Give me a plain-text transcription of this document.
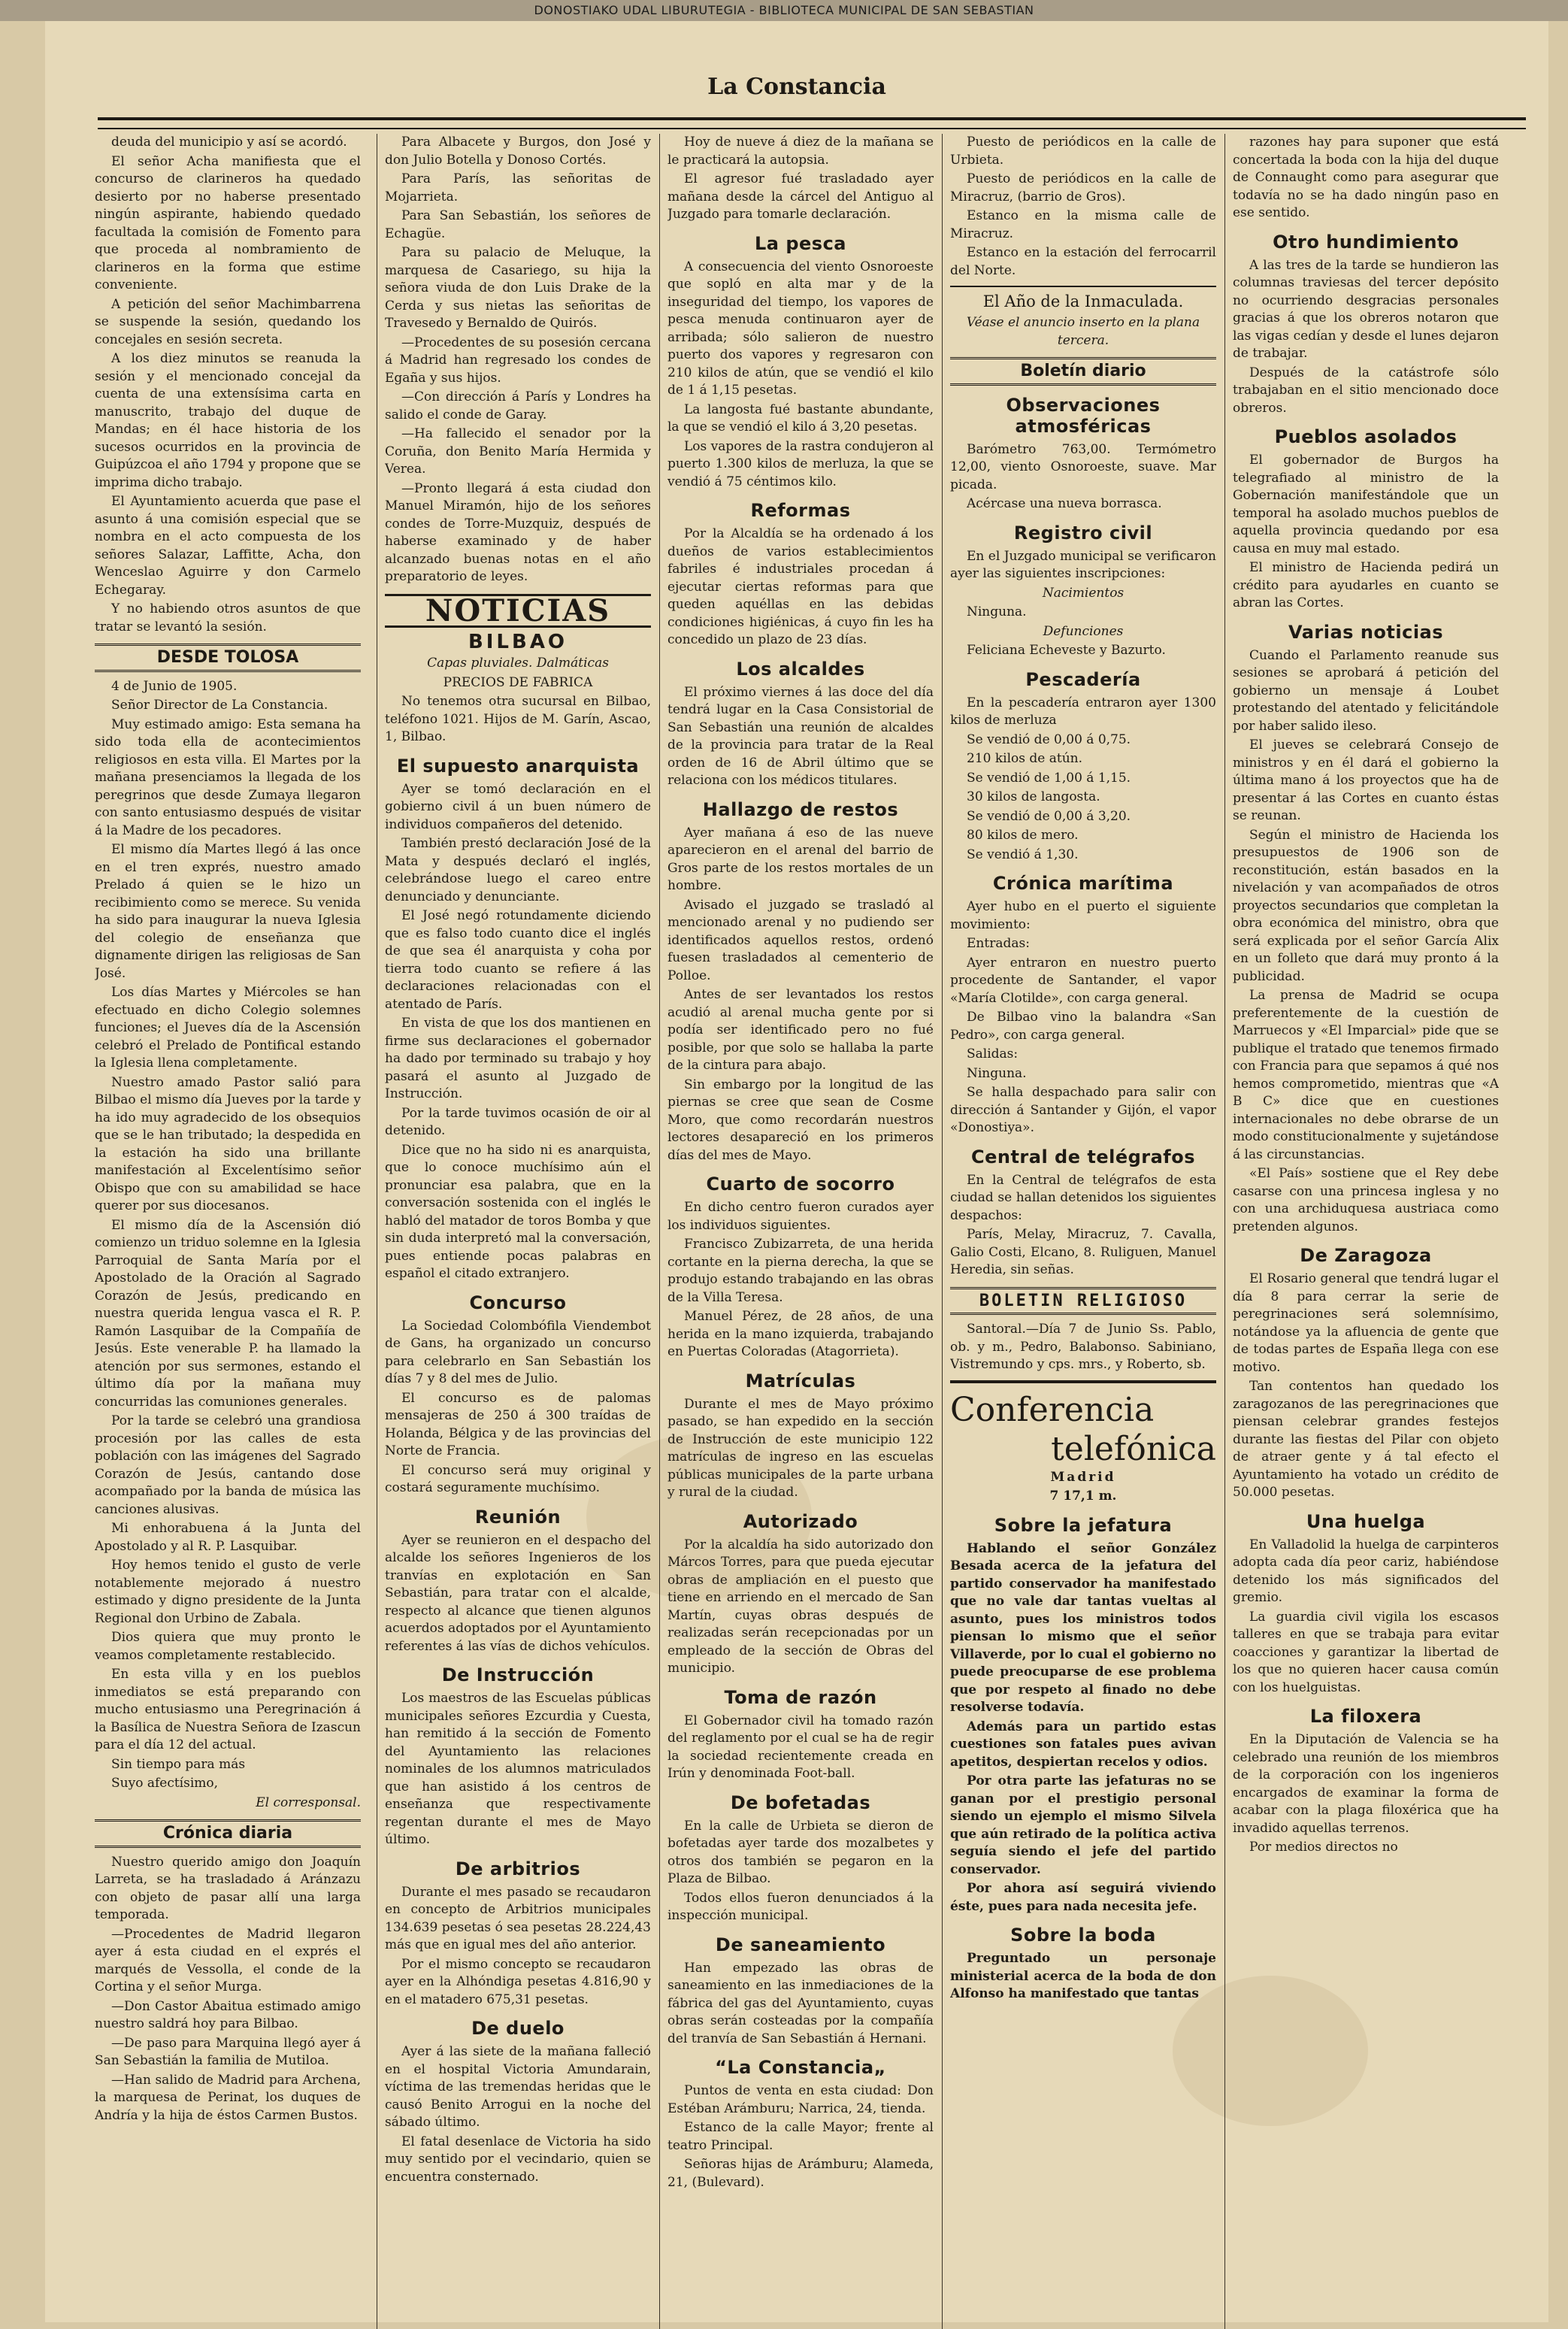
DONOSTIAKO UDAL LIBURUTEGIA - BIBLIOTECA MUNICIPAL DE SAN SEBASTIAN
La Constancia

deuda del municipio y así se acordó.

El señor Acha manifiesta que el concurso de clarineros ha quedado desierto por no haberse presentado ningún aspirante, habiendo quedado facultada la comisión de Fomento para que proceda al nombramiento de clarineros en la forma que estime conveniente.

A petición del señor Machimbarrena se suspende la sesión, quedando los concejales en sesión secreta.

A los diez minutos se reanuda la sesión y el mencionado concejal da cuenta de una extensísima carta en manuscrito, trabajo del duque de Mandas; en él hace historia de los sucesos ocurridos en la provincia de Guipúzcoa el año 1794 y propone que se imprima dicho trabajo.

El Ayuntamiento acuerda que pase el asunto á una comisión especial que se nombra en el acto compuesta de los señores Salazar, Laffitte, Acha, don Wenceslao Aguirre y don Carmelo Echegaray.

Y no habiendo otros asuntos de que tratar se levantó la sesión.

DESDE TOLOSA

4 de Junio de 1905.

Señor Director de La Constancia.

Muy estimado amigo: Esta semana ha sido toda ella de acontecimientos religiosos en esta villa. El Martes por la mañana presenciamos la llegada de los peregrinos que desde Zumaya llegaron con santo entusiasmo después de visitar á la Madre de los pecadores.

El mismo día Martes llegó á las once en el tren exprés, nuestro amado Prelado á quien se le hizo un recibimiento como se merece. Su venida ha sido para inaugurar la nueva Iglesia del colegio de enseñanza que dignamente dirigen las religiosas de San José.

Los días Martes y Miércoles se han efectuado en dicho Colegio solemnes funciones; el Jueves día de la Ascensión celebró el Prelado de Pontifical estando la Iglesia llena completamente.

Nuestro amado Pastor salió para Bilbao el mismo día Jueves por la tarde y ha ido muy agradecido de los obsequios que se le han tributado; la despedida en la estación ha sido una brillante manifestación al Excelentísimo señor Obispo que con su amabilidad se hace querer por sus diocesanos.

El mismo día de la Ascensión dió comienzo un triduo solemne en la Iglesia Parroquial de Santa María por el Apostolado de la Oración al Sagrado Corazón de Jesús, predicando en nuestra querida lengua vasca el R. P. Ramón Lasquibar de la Compañía de Jesús. Este venerable P. ha llamado la atención por sus sermones, estando el último día por la mañana muy concurridas las comuniones generales.

Por la tarde se celebró una grandiosa procesión por las calles de esta población con las imágenes del Sagrado Corazón de Jesús, cantando dose acompañado por la banda de música las canciones alusivas.

Mi enhorabuena á la Junta del Apostolado y al R. P. Lasquibar.

Hoy hemos tenido el gusto de verle notablemente mejorado á nuestro estimado y digno presidente de la Junta Regional don Urbino de Zabala.

Dios quiera que muy pronto le veamos completamente restablecido.

En esta villa y en los pueblos inmediatos se está preparando con mucho entusiasmo una Peregrinación á la Basílica de Nuestra Señora de Izascun para el día 12 del actual.

Sin tiempo para más

Suyo afectísimo,

El corresponsal.

Crónica diaria

Nuestro querido amigo don Joaquín Larreta, se ha trasladado á Aránzazu con objeto de pasar allí una larga temporada.

—Procedentes de Madrid llegaron ayer á esta ciudad en el exprés el marqués de Vessolla, el conde de la Cortina y el señor Murga.

—Don Castor Abaitua estimado amigo nuestro saldrá hoy para Bilbao.

—De paso para Marquina llegó ayer á San Sebastián la familia de Mutiloa.

—Han salido de Madrid para Archena, la marquesa de Perinat, los duques de Andría y la hija de éstos Carmen Bustos.

Para Albacete y Burgos, don José y don Julio Botella y Donoso Cortés.

Para París, las señoritas de Mojarrieta.

Para San Sebastián, los señores de Echagüe.

Para su palacio de Meluque, la marquesa de Casariego, su hija la señora viuda de don Luis Drake de la Cerda y sus nietas las señoritas de Travesedo y Bernaldo de Quirós.

—Procedentes de su posesión cercana á Madrid han regresado los condes de Egaña y sus hijos.

—Con dirección á París y Londres ha salido el conde de Garay.

—Ha fallecido el senador por la Coruña, don Benito María Hermida y Verea.

—Pronto llegará á esta ciudad don Manuel Miramón, hijo de los señores condes de Torre-Muzquiz, después de haberse examinado y de haber alcanzado buenas notas en el año preparatorio de leyes.

NOTICIAS
BILBAO

Capas pluviales. Dalmáticas

PRECIOS DE FABRICA

No tenemos otra sucursal en Bilbao, teléfono 1021. Hijos de M. Garín, Ascao, 1, Bilbao.

El supuesto anarquista

Ayer se tomó declaración en el gobierno civil á un buen número de individuos compañeros del detenido.

También prestó declaración José de la Mata y después declaró el inglés, celebrándose luego el careo entre denunciado y denunciante.

El José negó rotundamente diciendo que es falso todo cuanto dice el inglés de que sea él anarquista y coha por tierra todo cuanto se refiere á las declaraciones relacionadas con el atentado de París.

En vista de que los dos mantienen en firme sus declaraciones el gobernador ha dado por terminado su trabajo y hoy pasará el asunto al Juzgado de Instrucción.

Por la tarde tuvimos ocasión de oir al detenido.

Dice que no ha sido ni es anarquista, que lo conoce muchísimo aún el pronunciar esa palabra, que en la conversación sostenida con el inglés le habló del matador de toros Bomba y que sin duda interpretó mal la conversación, pues entiende pocas palabras en español el citado extranjero.

Concurso

La Sociedad Colombófila Viendembot de Gans, ha organizado un concurso para celebrarlo en San Sebastián los días 7 y 8 del mes de Julio.

El concurso es de palomas mensajeras de 250 á 300 traídas de Holanda, Bélgica y de las provincias del Norte de Francia.

El concurso será muy original y costará seguramente muchísimo.

Reunión

Ayer se reunieron en el despacho del alcalde los señores Ingenieros de los tranvías en explotación en San Sebastián, para tratar con el alcalde, respecto al alcance que tienen algunos acuerdos adoptados por el Ayuntamiento referentes á las vías de dichos vehículos.

De Instrucción

Los maestros de las Escuelas públicas municipales señores Ezcurdia y Cuesta, han remitido á la sección de Fomento del Ayuntamiento las relaciones nominales de los alumnos matriculados que han asistido á los centros de enseñanza que respectivamente regentan durante el mes de Mayo último.

De arbitrios

Durante el mes pasado se recaudaron en concepto de Arbitrios municipales 134.639 pesetas ó sea pesetas 28.224,43 más que en igual mes del año anterior.

Por el mismo concepto se recaudaron ayer en la Alhóndiga pesetas 4.816,90 y en el matadero 675,31 pesetas.

De duelo

Ayer á las siete de la mañana falleció en el hospital Victoria Amundarain, víctima de las tremendas heridas que le causó Benito Arrogui en la noche del sábado último.

El fatal desenlace de Victoria ha sido muy sentido por el vecindario, quien se encuentra consternado.

Hoy de nueve á diez de la mañana se le practicará la autopsia.

El agresor fué trasladado ayer mañana desde la cárcel del Antiguo al Juzgado para tomarle declaración.

La pesca

A consecuencia del viento Osnoroeste que sopló en alta mar y de la inseguridad del tiempo, los vapores de pesca menuda continuaron ayer de arribada; sólo salieron de nuestro puerto dos vapores y regresaron con 210 kilos de atún, que se vendió el kilo de 1 á 1,15 pesetas.

La langosta fué bastante abundante, la que se vendió el kilo á 3,20 pesetas.

Los vapores de la rastra condujeron al puerto 1.300 kilos de merluza, la que se vendió á 75 céntimos kilo.

Reformas

Por la Alcaldía se ha ordenado á los dueños de varios establecimientos fabriles é industriales procedan á ejecutar ciertas reformas para que queden aquéllas en las debidas condiciones higiénicas, á cuyo fin les ha concedido un plazo de 23 días.

Los alcaldes

El próximo viernes á las doce del día tendrá lugar en la Casa Consistorial de San Sebastián una reunión de alcaldes de la provincia para tratar de la Real orden de 16 de Abril último que se relaciona con los médicos titulares.

Hallazgo de restos

Ayer mañana á eso de las nueve aparecieron en el arenal del barrio de Gros parte de los restos mortales de un hombre.

Avisado el juzgado se trasladó al mencionado arenal y no pudiendo ser identificados aquellos restos, ordenó fuesen trasladados al cementerio de Polloe.

Antes de ser levantados los restos acudió al arenal mucha gente por si podía ser identificado pero no fué posible, por que solo se hallaba la parte de la cintura para abajo.

Sin embargo por la longitud de las piernas se cree que sean de Cosme Moro, que como recordarán nuestros lectores desapareció en los primeros días del mes de Mayo.

Cuarto de socorro

En dicho centro fueron curados ayer los individuos siguientes.

Francisco Zubizarreta, de una herida cortante en la pierna derecha, la que se produjo estando trabajando en las obras de la Villa Teresa.

Manuel Pérez, de 28 años, de una herida en la mano izquierda, trabajando en Puertas Coloradas (Atagorrieta).

Matrículas

Durante el mes de Mayo próximo pasado, se han expedido en la sección de Instrucción de este municipio 122 matrículas de ingreso en las escuelas públicas municipales de la parte urbana y rural de la ciudad.

Autorizado

Por la alcaldía ha sido autorizado don Márcos Torres, para que pueda ejecutar obras de ampliación en el puesto que tiene en arriendo en el mercado de San Martín, cuyas obras después de realizadas serán recepcionadas por un empleado de la sección de Obras del municipio.

Toma de razón

El Gobernador civil ha tomado razón del reglamento por el cual se ha de regir la sociedad recientemente creada en Irún y denominada Foot-ball.

De bofetadas

En la calle de Urbieta se dieron de bofetadas ayer tarde dos mozalbetes y otros dos también se pegaron en la Plaza de Bilbao.

Todos ellos fueron denunciados á la inspección municipal.

De saneamiento

Han empezado las obras de saneamiento en las inmediaciones de la fábrica del gas del Ayuntamiento, cuyas obras serán costeadas por la compañía del tranvía de San Sebastián á Hernani.

“La Constancia„

Puntos de venta en esta ciudad: Don Estéban Arámburu; Narrica, 24, tienda.

Estanco de la calle Mayor; frente al teatro Principal.

Señoras hijas de Arámburu; Alameda, 21, (Bulevard).

Puesto de periódicos en la calle de Urbieta.

Puesto de periódicos en la calle de Miracruz, (barrio de Gros).

Estanco en la misma calle de Miracruz.

Estanco en la estación del ferrocarril del Norte.

El Año de la Inmaculada.

Véase el anuncio inserto en la plana tercera.

Boletín diario
Observaciones atmosféricas

Barómetro 763,00. Termómetro 12,00, viento Osnoroeste, suave. Mar picada.

Acércase una nueva borrasca.

Registro civil

En el Juzgado municipal se verificaron ayer las siguientes inscripciones:

Nacimientos

Ninguna.

Defunciones

Feliciana Echeveste y Bazurto.

Pescadería

En la pescadería entraron ayer 1300 kilos de merluza

Se vendió de 0,00 á 0,75.

210 kilos de atún.

Se vendió de 1,00 á 1,15.

30 kilos de langosta.

Se vendió de 0,00 á 3,20.

80 kilos de mero.

Se vendió á 1,30.

Crónica marítima

Ayer hubo en el puerto el siguiente movimiento:

Entradas:

Ayer entraron en nuestro puerto procedente de Santander, el vapor «María Clotilde», con carga general.

De Bilbao vino la balandra «San Pedro», con carga general.

Salidas:

Ninguna.

Se halla despachado para salir con dirección á Santander y Gijón, el vapor «Donostiya».

Central de telégrafos

En la Central de telégrafos de esta ciudad se hallan detenidos los siguientes despachos:

París, Melay, Miracruz, 7. Cavalla, Galio Costi, Elcano, 8. Ruliguen, Manuel Heredia, sin señas.

BOLETIN RELIGIOSO

Santoral.—Día 7 de Junio Ss. Pablo, ob. y m., Pedro, Balabonso. Sabiniano, Vistremundo y cps. mrs., y Roberto, sb.

Conferencia
telefónica

Madrid

7 17,1 m.

Sobre la jefatura

Hablando el señor González Besada acerca de la jefatura del partido conservador ha manifestado que no vale dar tantas vueltas al asunto, pues los ministros todos piensan lo mismo que el señor Villaverde, por lo cual el gobierno no puede preocuparse de ese problema que por respeto al finado no debe resolverse todavía.

Además para un partido estas cuestiones son fatales pues avivan apetitos, despiertan recelos y odios.

Por otra parte las jefaturas no se ganan por el prestigio personal siendo un ejemplo el mismo Silvela que aún retirado de la política activa seguía siendo el jefe del partido conservador.

Por ahora así seguirá viviendo éste, pues para nada necesita jefe.

Sobre la boda

Preguntado un personaje ministerial acerca de la boda de don Alfonso ha manifestado que tantas

razones hay para suponer que está concertada la boda con la hija del duque de Connaught como para asegurar que todavía no se ha dado ningún paso en ese sentido.

Otro hundimiento

A las tres de la tarde se hundieron las columnas traviesas del tercer depósito no ocurriendo desgracias personales gracias á que los obreros notaron que las vigas cedían y desde el lunes dejaron de trabajar.

Después de la catástrofe sólo trabajaban en el sitio mencionado doce obreros.

Pueblos asolados

El gobernador de Burgos ha telegrafiado al ministro de la Gobernación manifestándole que un temporal ha asolado muchos pueblos de aquella provincia quedando por esa causa en muy mal estado.

El ministro de Hacienda pedirá un crédito para ayudarles en cuanto se abran las Cortes.

Varias noticias

Cuando el Parlamento reanude sus sesiones se aprobará á petición del gobierno un mensaje á Loubet protestando del atentado y felicitándole por haber salido ileso.

El jueves se celebrará Consejo de ministros y en él dará el gobierno la última mano á los proyectos que ha de presentar á las Cortes en cuanto éstas se reunan.

Según el ministro de Hacienda los presupuestos de 1906 son de reconstitución, están basados en la nivelación y van acompañados de otros proyectos secundarios que completan la obra económica del ministro, obra que será explicada por el señor García Alix en un folleto que dará muy pronto á la publicidad.

La prensa de Madrid se ocupa preferentemente de la cuestión de Marruecos y «El Imparcial» pide que se publique el tratado que tenemos firmado con Francia para que sepamos á qué nos hemos comprometido, mientras que «A B C» dice que en cuestiones internacionales no debe obrarse de un modo constitucionalmente y sujetándose á las circunstancias.

«El País» sostiene que el Rey debe casarse con una princesa inglesa y no con una archiduquesa austriaca como pretenden algunos.

De Zaragoza

El Rosario general que tendrá lugar el día 8 para cerrar la serie de peregrinaciones será solemnísimo, notándose ya la afluencia de gente que de todas partes de España llega con ese motivo.

Tan contentos han quedado los zaragozanos de las peregrinaciones que piensan celebrar grandes festejos durante las fiestas del Pilar con objeto de atraer gente y á tal efecto el Ayuntamiento ha votado un crédito de 50.000 pesetas.

Una huelga

En Valladolid la huelga de carpinteros adopta cada día peor cariz, habiéndose detenido los más significados del gremio.

La guardia civil vigila los escasos talleres en que se trabaja para evitar coacciones y garantizar la libertad de los que no quieren hacer causa común con los huelguistas.

La filoxera

En la Diputación de Valencia se ha celebrado una reunión de los miembros de la corporación con los ingenieros encargados de examinar la forma de acabar con la plaga filoxérica que ha invadido aquellas terrenos.

Por medios directos no
